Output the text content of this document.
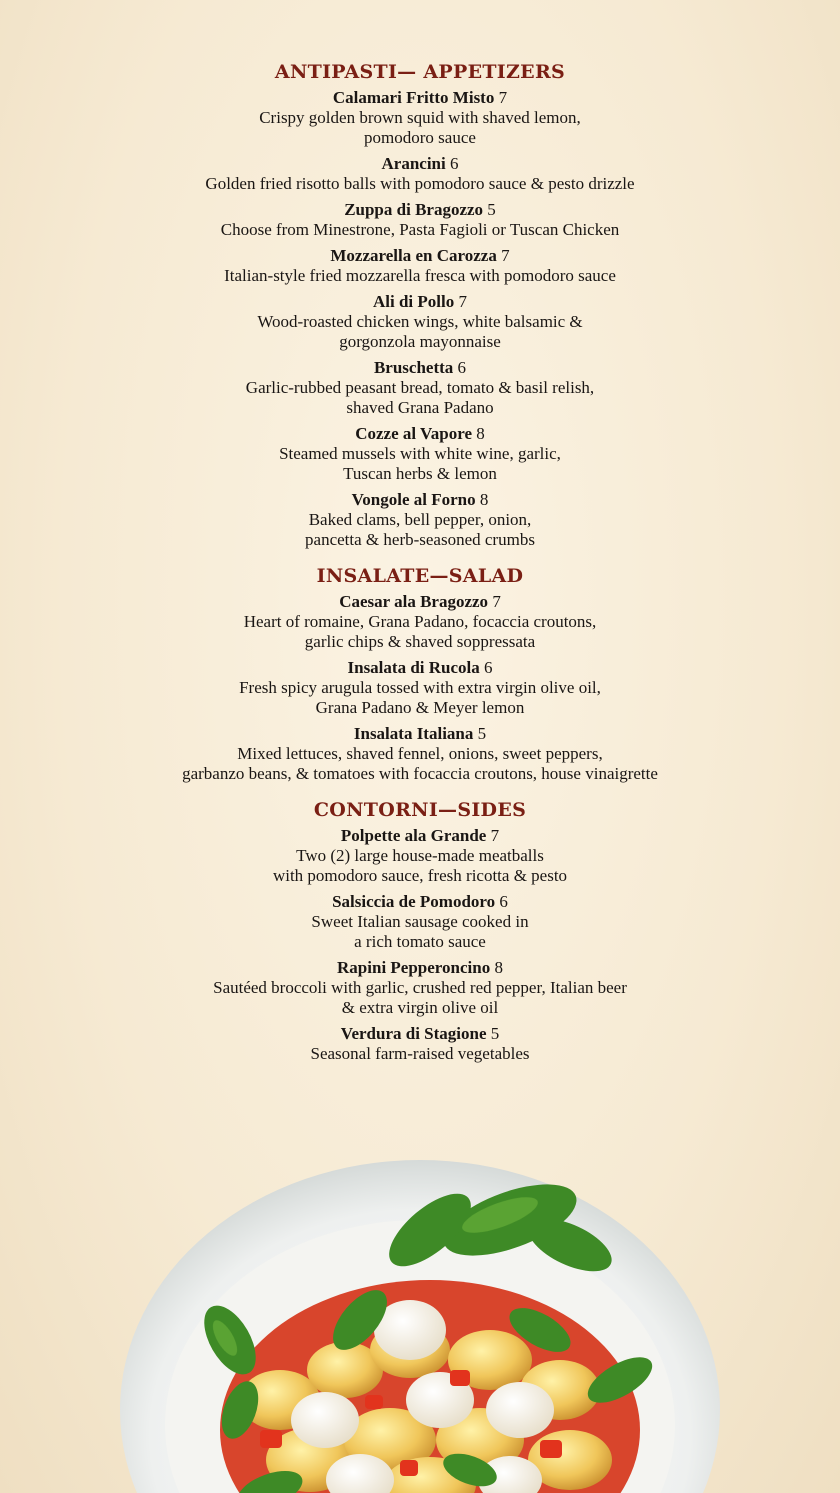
ANTIPASTI— APPETIZERS
Calamari Fritto Misto 7
Crispy golden brown squid with shaved lemon,
pomodoro sauce
Arancini 6
Golden fried risotto balls with pomodoro sauce & pesto drizzle
Zuppa di Bragozzo 5
Choose from Minestrone, Pasta Fagioli or Tuscan Chicken
Mozzarella en Carozza 7
Italian-style fried mozzarella fresca with pomodoro sauce
Ali di Pollo 7
Wood-roasted chicken wings, white balsamic &
gorgonzola mayonnaise
Bruschetta 6
Garlic-rubbed peasant bread, tomato & basil relish,
shaved Grana Padano
Cozze al Vapore 8
Steamed mussels with white wine, garlic,
Tuscan herbs & lemon
Vongole al Forno 8
Baked clams, bell pepper, onion,
pancetta & herb-seasoned crumbs
INSALATE—SALAD
Caesar ala Bragozzo 7
Heart of romaine, Grana Padano, focaccia croutons,
garlic chips & shaved soppressata
Insalata di Rucola 6
Fresh spicy arugula tossed with extra virgin olive oil,
Grana Padano & Meyer lemon
Insalata Italiana 5
Mixed lettuces, shaved fennel, onions, sweet peppers,
garbanzo beans, & tomatoes with focaccia croutons, house vinaigrette
CONTORNI—SIDES
Polpette ala Grande 7
Two (2) large house-made meatballs
with pomodoro sauce, fresh ricotta & pesto
Salsiccia de Pomodoro 6
Sweet Italian sausage cooked in
a rich tomato sauce
Rapini Pepperoncino 8
Sautéed broccoli with garlic, crushed red pepper, Italian beer
& extra virgin olive oil
Verdura di Stagione 5
Seasonal farm-raised vegetables
